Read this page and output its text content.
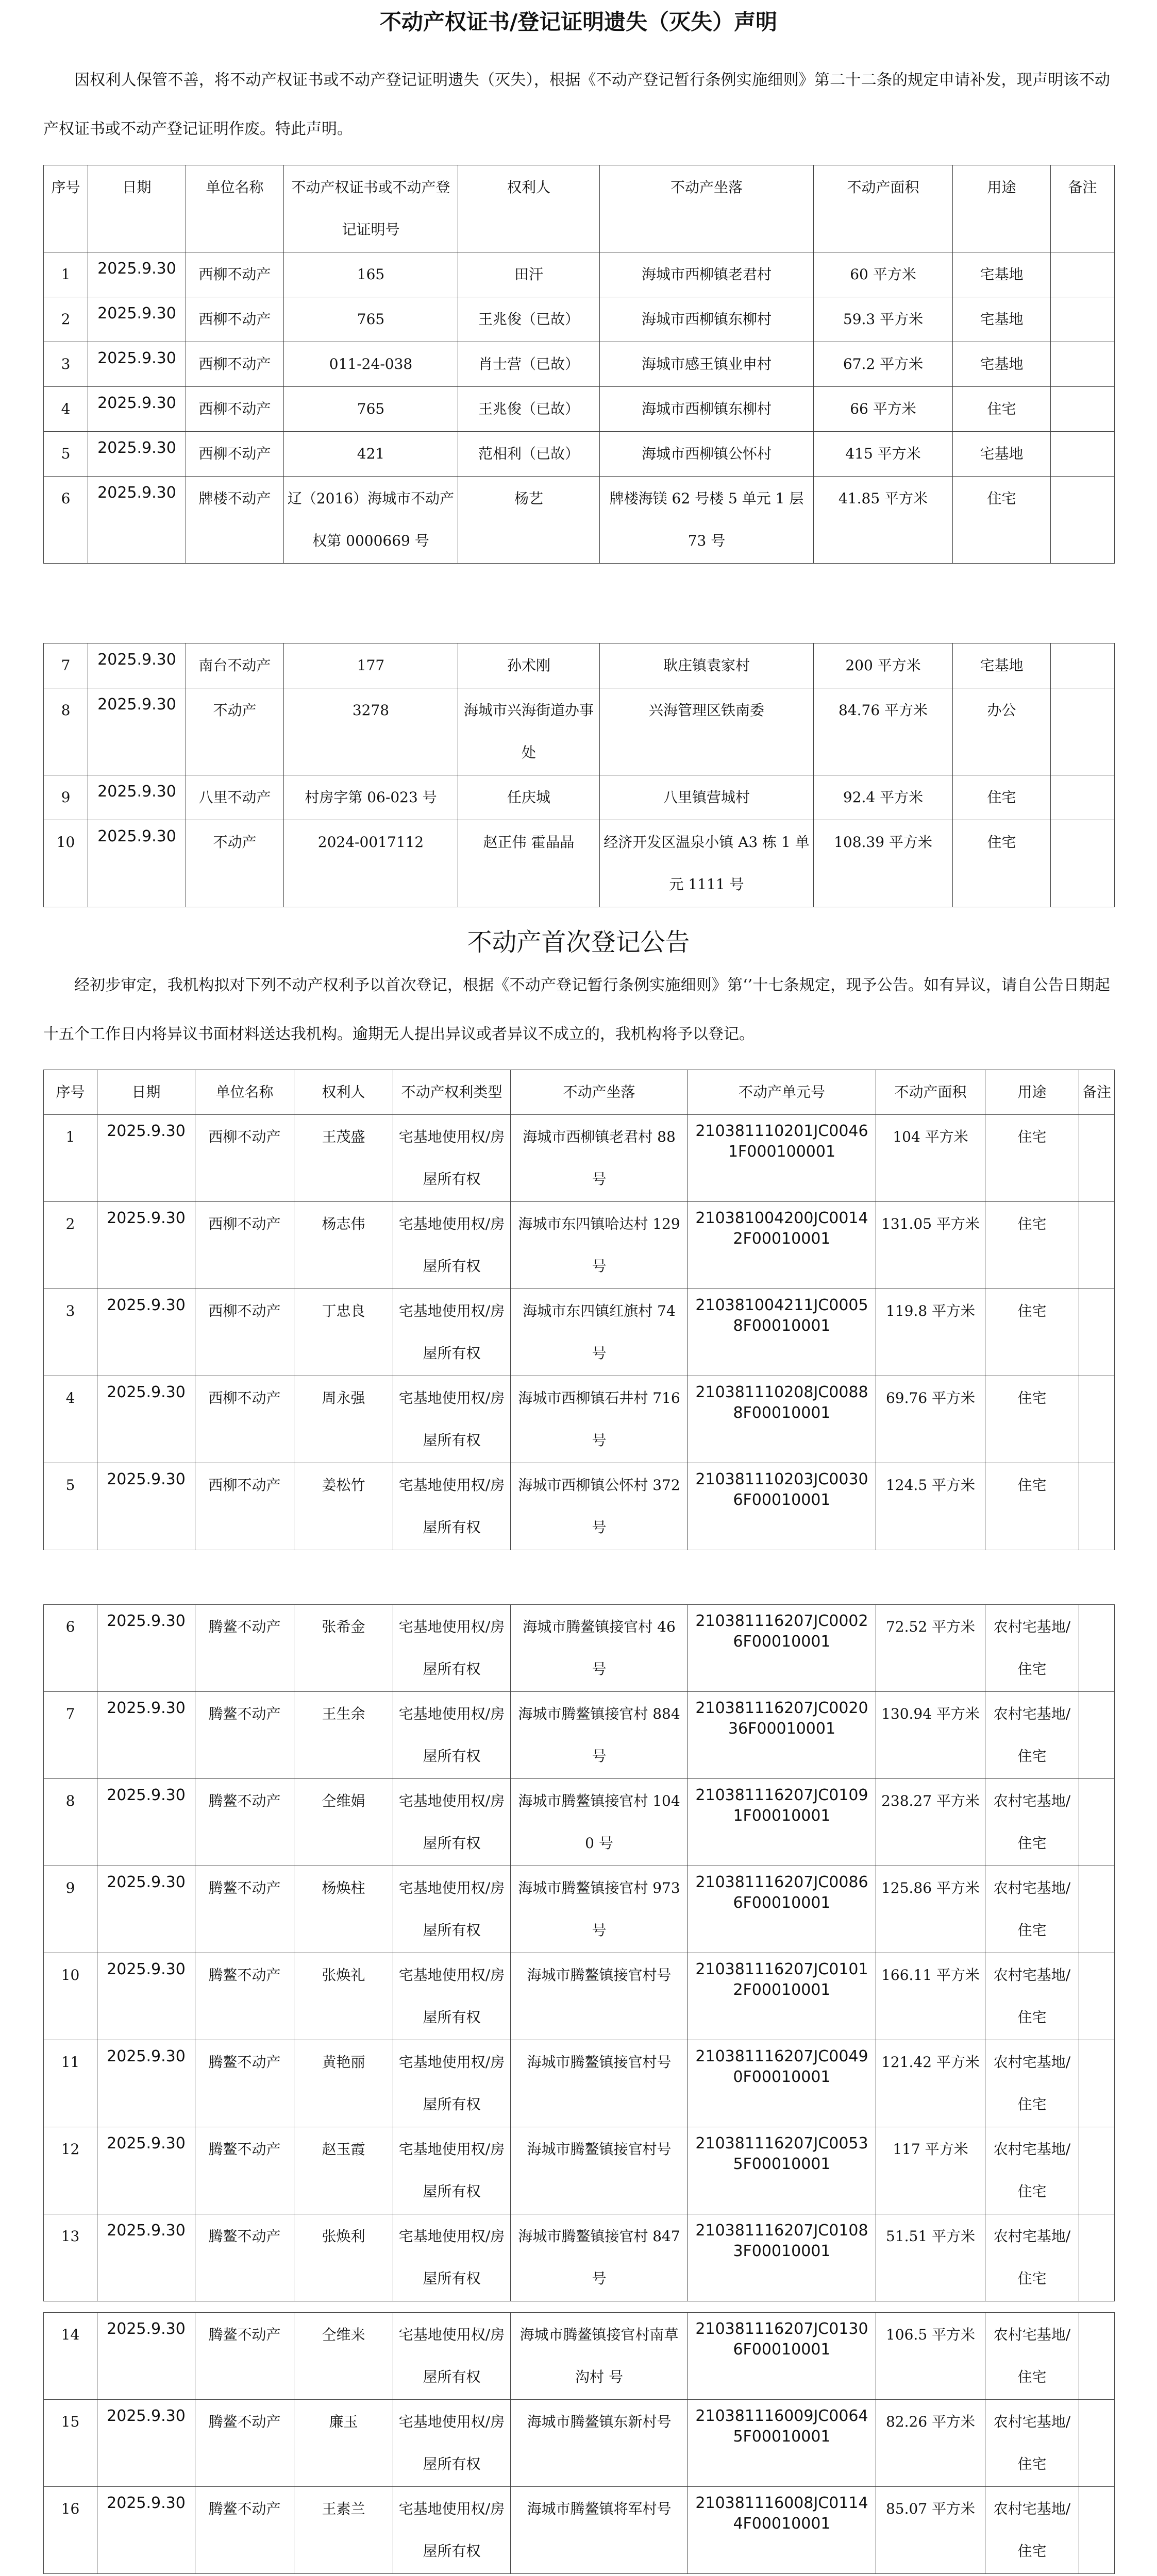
不动产权证书/登记证明遗失（灭失）声明

因权利人保管不善，将不动产权证书或不动产登记证明遗失（灭失），根据《不动产登记暂行条例实施细则》第二十二条的规定申请补发，现声明该不动产权证书或不动产登记证明作废。特此声明。

序号	日期	单位名称	不动产权证书或不动产登记证明号	权利人	不动产坐落	不动产面积	用途	备注
1	2025.9.30	西柳不动产	165	田汗	海城市西柳镇老君村	60 平方米	宅基地	
2	2025.9.30	西柳不动产	765	王兆俊（已故）	海城市西柳镇东柳村	59.3 平方米	宅基地	
3	2025.9.30	西柳不动产	011-24-038	肖士营（已故）	海城市感王镇业申村	67.2 平方米	宅基地	
4	2025.9.30	西柳不动产	765	王兆俊（已故）	海城市西柳镇东柳村	66 平方米	住宅	
5	2025.9.30	西柳不动产	421	范相利（已故）	海城市西柳镇公怀村	415 平方米	宅基地	
6	2025.9.30	牌楼不动产	辽（2016）海城市不动产权第 0000669 号	杨艺	牌楼海镁 62 号楼 5 单元 1 层 73 号	41.85 平方米	住宅	
7	2025.9.30	南台不动产	177	孙术刚	耿庄镇袁家村	200 平方米	宅基地	
8	2025.9.30	不动产	3278	海城市兴海街道办事处	兴海管理区铁南委	84.76 平方米	办公	
9	2025.9.30	八里不动产	村房字第 06-023 号	任庆城	八里镇营城村	92.4 平方米	住宅	
10	2025.9.30	不动产	2024-0017112	赵正伟 霍晶晶	经济开发区温泉小镇 A3 栋 1 单元 1111 号	108.39 平方米	住宅	
不动产首次登记公告

经初步审定，我机构拟对下列不动产权利予以首次登记，根据《不动产登记暂行条例实施细则》第‘’十七条规定，现予公告。如有异议，请自公告日期起十五个工作日内将异议书面材料送达我机构。逾期无人提出异议或者异议不成立的，我机构将予以登记。

序号	日期	单位名称	权利人	不动产权利类型	不动产坐落	不动产单元号	不动产面积	用途	备注
1	2025.9.30	西柳不动产	王茂盛	宅基地使用权/房屋所有权	海城市西柳镇老君村 88 号	210381110201JC00461F000100001	104 平方米	住宅	
2	2025.9.30	西柳不动产	杨志伟	宅基地使用权/房屋所有权	海城市东四镇哈达村 129 号	210381004200JC00142F00010001	131.05 平方米	住宅	
3	2025.9.30	西柳不动产	丁忠良	宅基地使用权/房屋所有权	海城市东四镇红旗村 74 号	210381004211JC00058F00010001	119.8 平方米	住宅	
4	2025.9.30	西柳不动产	周永强	宅基地使用权/房屋所有权	海城市西柳镇石井村 716 号	210381110208JC00888F00010001	69.76 平方米	住宅	
5	2025.9.30	西柳不动产	姜松竹	宅基地使用权/房屋所有权	海城市西柳镇公怀村 372 号	210381110203JC00306F00010001	124.5 平方米	住宅	
6	2025.9.30	腾鳌不动产	张希金	宅基地使用权/房屋所有权	海城市腾鳌镇接官村 46 号	210381116207JC00026F00010001	72.52 平方米	农村宅基地/住宅	
7	2025.9.30	腾鳌不动产	王生余	宅基地使用权/房屋所有权	海城市腾鳌镇接官村 884 号	210381116207JC002036F00010001	130.94 平方米	农村宅基地/住宅	
8	2025.9.30	腾鳌不动产	仝维娟	宅基地使用权/房屋所有权	海城市腾鳌镇接官村 1040 号	210381116207JC01091F00010001	238.27 平方米	农村宅基地/住宅	
9	2025.9.30	腾鳌不动产	杨焕柱	宅基地使用权/房屋所有权	海城市腾鳌镇接官村 973 号	210381116207JC00866F00010001	125.86 平方米	农村宅基地/住宅	
10	2025.9.30	腾鳌不动产	张焕礼	宅基地使用权/房屋所有权	海城市腾鳌镇接官村号	210381116207JC01012F00010001	166.11 平方米	农村宅基地/住宅	
11	2025.9.30	腾鳌不动产	黄艳丽	宅基地使用权/房屋所有权	海城市腾鳌镇接官村号	210381116207JC00490F00010001	121.42 平方米	农村宅基地/住宅	
12	2025.9.30	腾鳌不动产	赵玉霞	宅基地使用权/房屋所有权	海城市腾鳌镇接官村号	210381116207JC00535F00010001	117 平方米	农村宅基地/住宅	
13	2025.9.30	腾鳌不动产	张焕利	宅基地使用权/房屋所有权	海城市腾鳌镇接官村 847 号	210381116207JC01083F00010001	51.51 平方米	农村宅基地/住宅	
14	2025.9.30	腾鳌不动产	仝维来	宅基地使用权/房屋所有权	海城市腾鳌镇接官村南草沟村 号	210381116207JC01306F00010001	106.5 平方米	农村宅基地/住宅	
15	2025.9.30	腾鳌不动产	廉玉	宅基地使用权/房屋所有权	海城市腾鳌镇东新村号	210381116009JC00645F00010001	82.26 平方米	农村宅基地/住宅	
16	2025.9.30	腾鳌不动产	王素兰	宅基地使用权/房屋所有权	海城市腾鳌镇将军村号	210381116008JC01144F00010001	85.07 平方米	农村宅基地/住宅	
